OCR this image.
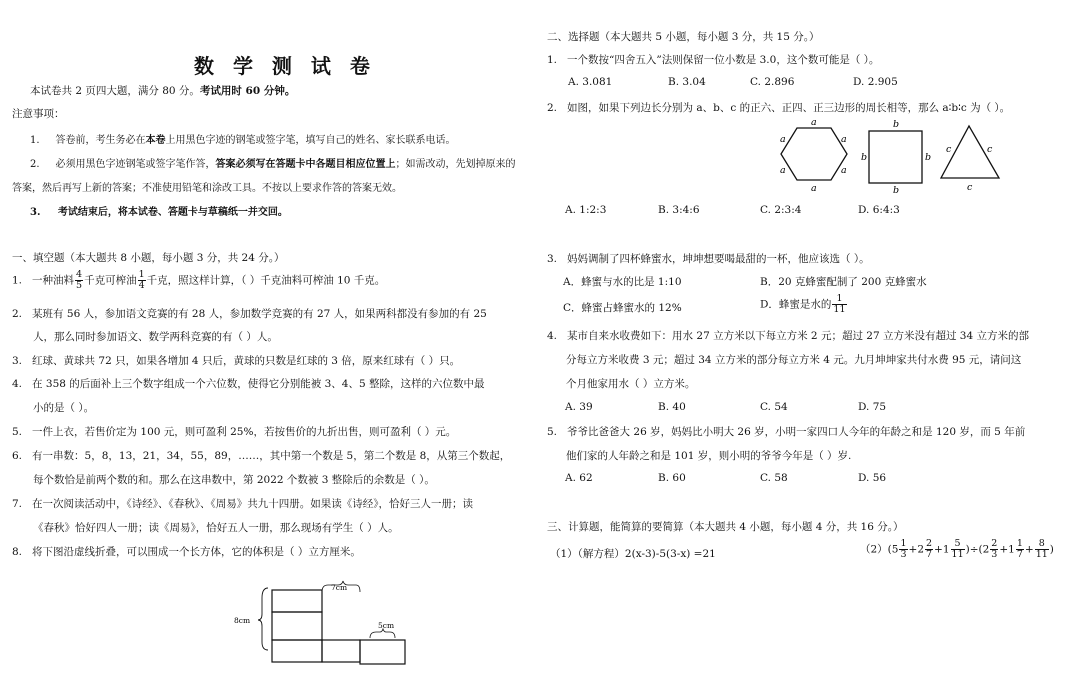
数 学 测 试 卷
本试卷共 2 页四大题，满分 80 分。考试用时 60 分钟。
注意事项：
1. 答卷前，考生务必在本卷上用黑色字迹的钢笔或签字笔，填写自己的姓名、家长联系电话。
2. 必须用黑色字迹钢笔或签字笔作答，答案必须写在答题卡中各题目相应位置上；如需改动，先划掉原来的
答案，然后再写上新的答案；不准使用铅笔和涂改工具。不按以上要求作答的答案无效。
3. 考试结束后，将本试卷、答题卡与草稿纸一并交回。
一、填空题（本大题共 8 小题，每小题 3 分，共 24 分。）
1. 一种油料 $\frac{4}{5}$ 千克可榨油 $\frac{1}{4}$ 千克，照这样计算，（ ）千克油料可榨油 10 千克。
2. 某班有 56 人，参加语文竞赛的有 28 人，参加数学竞赛的有 27 人，如果两科都没有参加的有 25
人，那么同时参加语文、数学两科竞赛的有（ ）人。
3. 红球、黄球共 72 只，如果各增加 4 只后，黄球的只数是红球的 3 倍，原来红球有（ ）只。
4. 在 358 的后面补上三个数字组成一个六位数，使得它分别能被 3、4、5 整除，这样的六位数中最
小的是（ ）。
5. 一件上衣，若售价定为 100 元，则可盈利 25%，若按售价的九折出售，则可盈利（ ）元。
6. 有一串数：5，8，13，21，34，55，89，……，其中第一个数是 5，第二个数是 8，从第三个数起，
每个数恰是前两个数的和。那么在这串数中，第 2022 个数被 3 整除后的余数是（ ）。
7. 在一次阅读活动中，《诗经》、《春秋》、《周易》共九十四册。如果读《诗经》，恰好三人一册；读
《春秋》恰好四人一册；读《周易》，恰好五人一册，那么现场有学生（ ）人。
8. 将下图沿虚线折叠，可以围成一个长方体，它的体积是（ ）立方厘米。
7cm
8cm
5cm
二、选择题（本大题共 5 小题，每小题 3 分，共 15 分。）
1. 一个数按“四舍五入”法则保留一位小数是 3.0，这个数可能是（ ）。
A. 3.081	B. 3.04	C. 2.896	D. 2.905
2. 如图，如果下列边长分别为 a、b、c 的正六、正四、正三边形的周长相等，那么 a∶b∶c 为（ ）。
a
a	a
a	a
a
b
b	b
b
c	c
c
A. 1:2:3	B. 3:4:6	C. 2:3:4	D. 6:4:3
3. 妈妈调制了四杯蜂蜜水，坤坤想要喝最甜的一杯，他应该选（ ）。
A．蜂蜜与水的比是 1:10	B．20 克蜂蜜配制了 200 克蜂蜜水
C．蜂蜜占蜂蜜水的 12%	D．蜂蜜是水的 $\frac{1}{11}$
4. 某市自来水收费如下：用水 27 立方米以下每立方米 2 元；超过 27 立方米没有超过 34 立方米的部
分每立方米收费 3 元；超过 34 立方米的部分每立方米 4 元。九月坤坤家共付水费 95 元，请问这
个月他家用水（ ）立方米。
A. 39	B. 40	C. 54	D. 75
5. 爷爷比爸爸大 26 岁，妈妈比小明大 26 岁，小明一家四口人今年的年龄之和是 120 岁，而 5 年前
他们家的人年龄之和是 101 岁，则小明的爷爷今年是（ ）岁.
A. 62	B. 60	C. 58	D. 56
三、计算题，能简算的要简算（本大题共 4 小题，每小题 4 分，共 16 分。）
（1）（解方程）2(x-3)-5(3-x) =21	$(2)(5 \frac{1}{3} +2 \frac{2}{7} +1 \frac{5}{11} )\div(2 \frac{2}{3} +1 \frac{1}{7} + \frac{8}{11}$ )
